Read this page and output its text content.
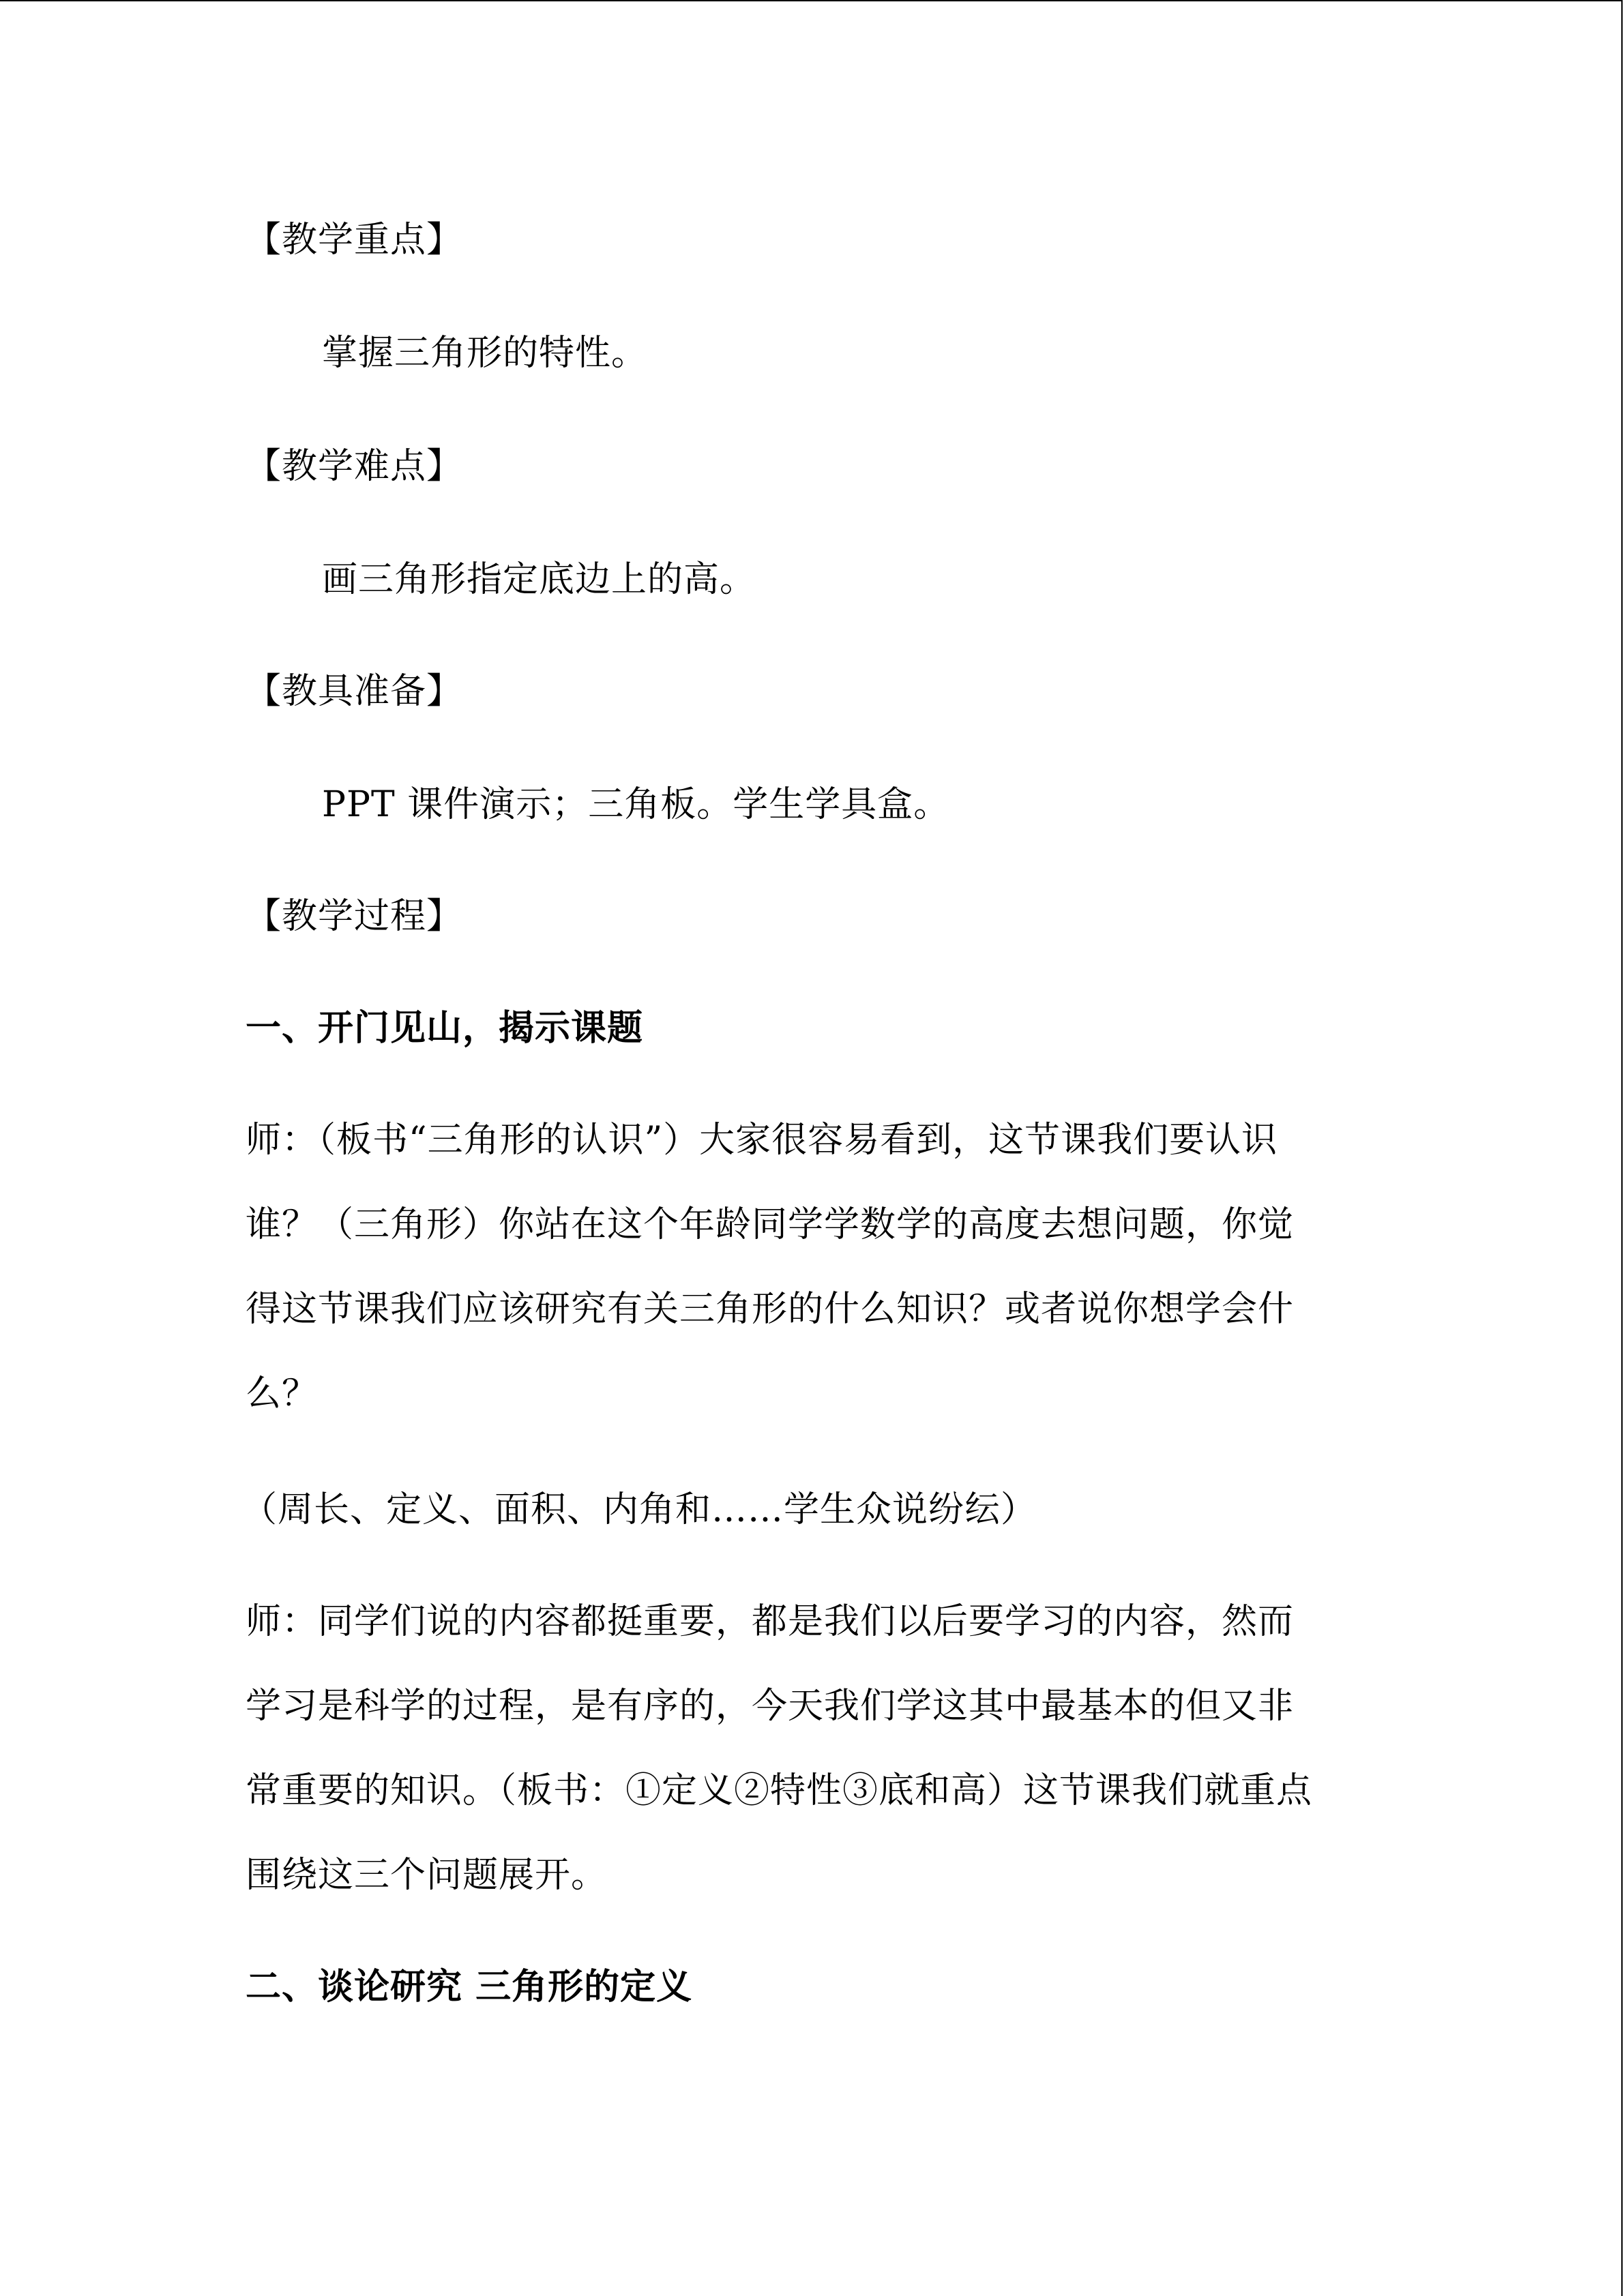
【教学重点】
掌握三角形的特性。
【教学难点】
画三角形指定底边上的高。
【教具准备】
PPT 课件演示；三角板。学生学具盒。
【教学过程】
一、开门见山，揭示课题
师：（板书“三角形的认识”）大家很容易看到，这节课我们要认识
谁？（三角形）你站在这个年龄同学学数学的高度去想问题，你觉
得这节课我们应该研究有关三角形的什么知识？或者说你想学会什
么？
（周长、定义、面积、内角和……学生众说纷纭）
师：同学们说的内容都挺重要，都是我们以后要学习的内容，然而
学习是科学的过程，是有序的，今天我们学这其中最基本的但又非
常重要的知识。（板书：①定义②特性③底和高）这节课我们就重点
围绕这三个问题展开。
二、谈论研究 三角形的定义
